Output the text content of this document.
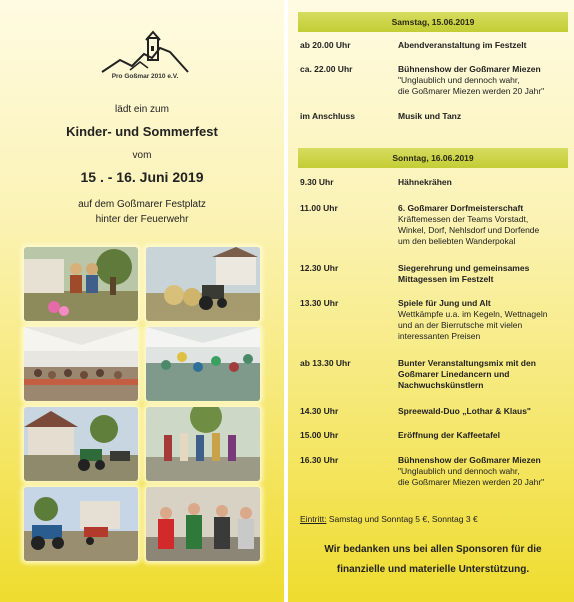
Pro Goßmar 2010 e.V.
lädt ein zum
Kinder- und Sommerfest
vom
15 . - 16. Juni 2019
auf dem Goßmarer Festplatz
hinter der Feuerwehr
Samstag, 15.06.2019
ab 20.00 Uhr	Abendveranstaltung im Festzelt
ca. 22.00 Uhr	Bühnenshow der Goßmarer Miezen
"Unglaublich und dennoch wahr,
die Goßmarer Miezen werden 20 Jahr"
im Anschluss	Musik und Tanz
Sonntag, 16.06.2019
9.30 Uhr	Hähnekrähen
11.00 Uhr	6. Goßmarer Dorfmeisterschaft
Kräftemessen der Teams Vorstadt,
Winkel, Dorf, Nehlsdorf und Dorfende
um den beliebten Wanderpokal
12.30 Uhr	Siegerehrung und gemeinsames
Mittagessen im Festzelt
13.30 Uhr	Spiele für Jung und Alt
Wettkämpfe u.a. im Kegeln, Wettnageln
und an der Bierrutsche mit vielen
interessanten Preisen
ab 13.30 Uhr	Bunter Veranstaltungsmix mit den
Goßmarer Linedancern und
Nachwuchskünstlern
14.30 Uhr	Spreewald-Duo „Lothar & Klaus"
15.00 Uhr	Eröffnung der Kaffeetafel
16.30 Uhr	Bühnenshow der Goßmarer Miezen
"Unglaublich und dennoch wahr,
die Goßmarer Miezen werden 20 Jahr"
Eintritt: Samstag und Sonntag 5 €, Sonntag 3 €
Wir bedanken uns bei allen Sponsoren für die
finanzielle und materielle Unterstützung.
